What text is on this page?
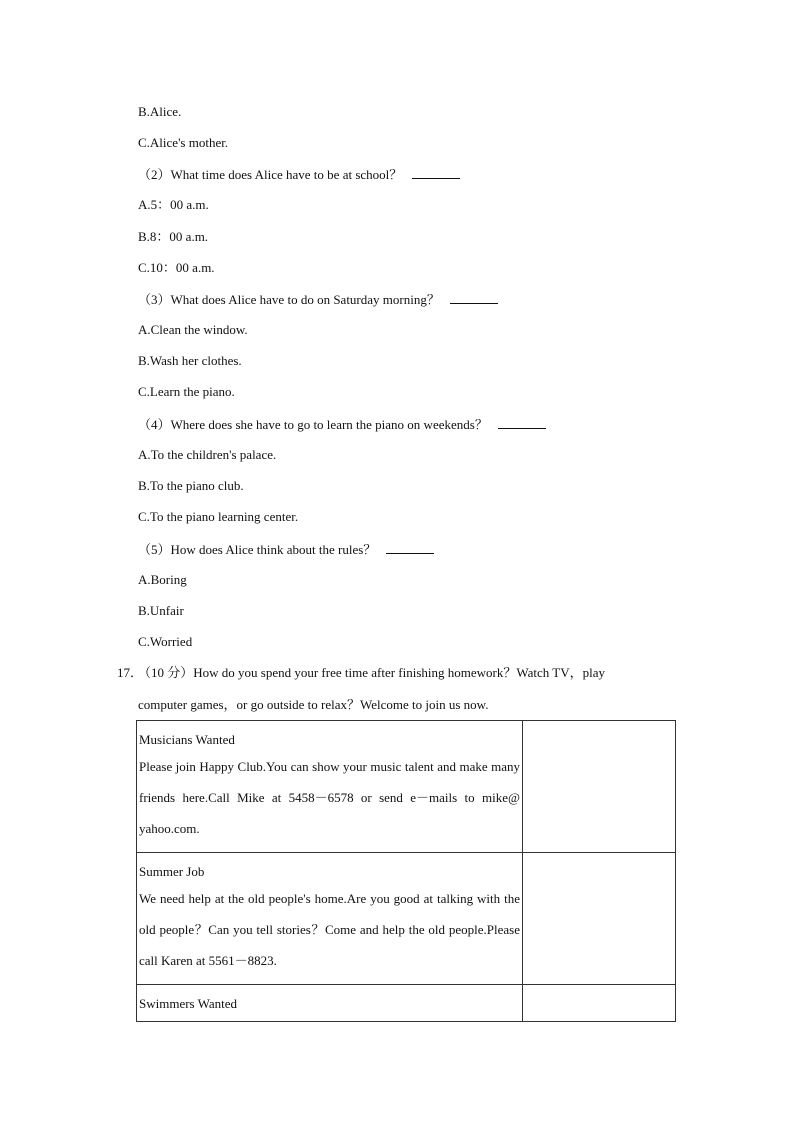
B.Alice.
C.Alice's mother.
（2）What time does Alice have to be at school？
A.5：00 a.m.
B.8：00 a.m.
C.10：00 a.m.
（3）What does Alice have to do on Saturday morning？
A.Clean the window.
B.Wash her clothes.
C.Learn the piano.
（4）Where does she have to go to learn the piano on weekends？
A.To the children's palace.
B.To the piano club.
C.To the piano learning center.
（5）How does Alice think about the rules？
A.Boring
B.Unfair
C.Worried
17．
（10 分）How do you spend your free time after finishing homework？Watch TV，play
computer games，or go outside to relax？Welcome to join us now.
Musicians Wanted
Please join Happy Club.You can show your music talent and make many friends here.Call Mike at 5458－6578 or send e－mails to mike@ yahoo.com.	

Summer Job
We need help at the old people's home.Are you good at talking with the old people？Can you tell stories？Come and help the old people.Please call Karen at 5561－8823.	

Swimmers Wanted	
